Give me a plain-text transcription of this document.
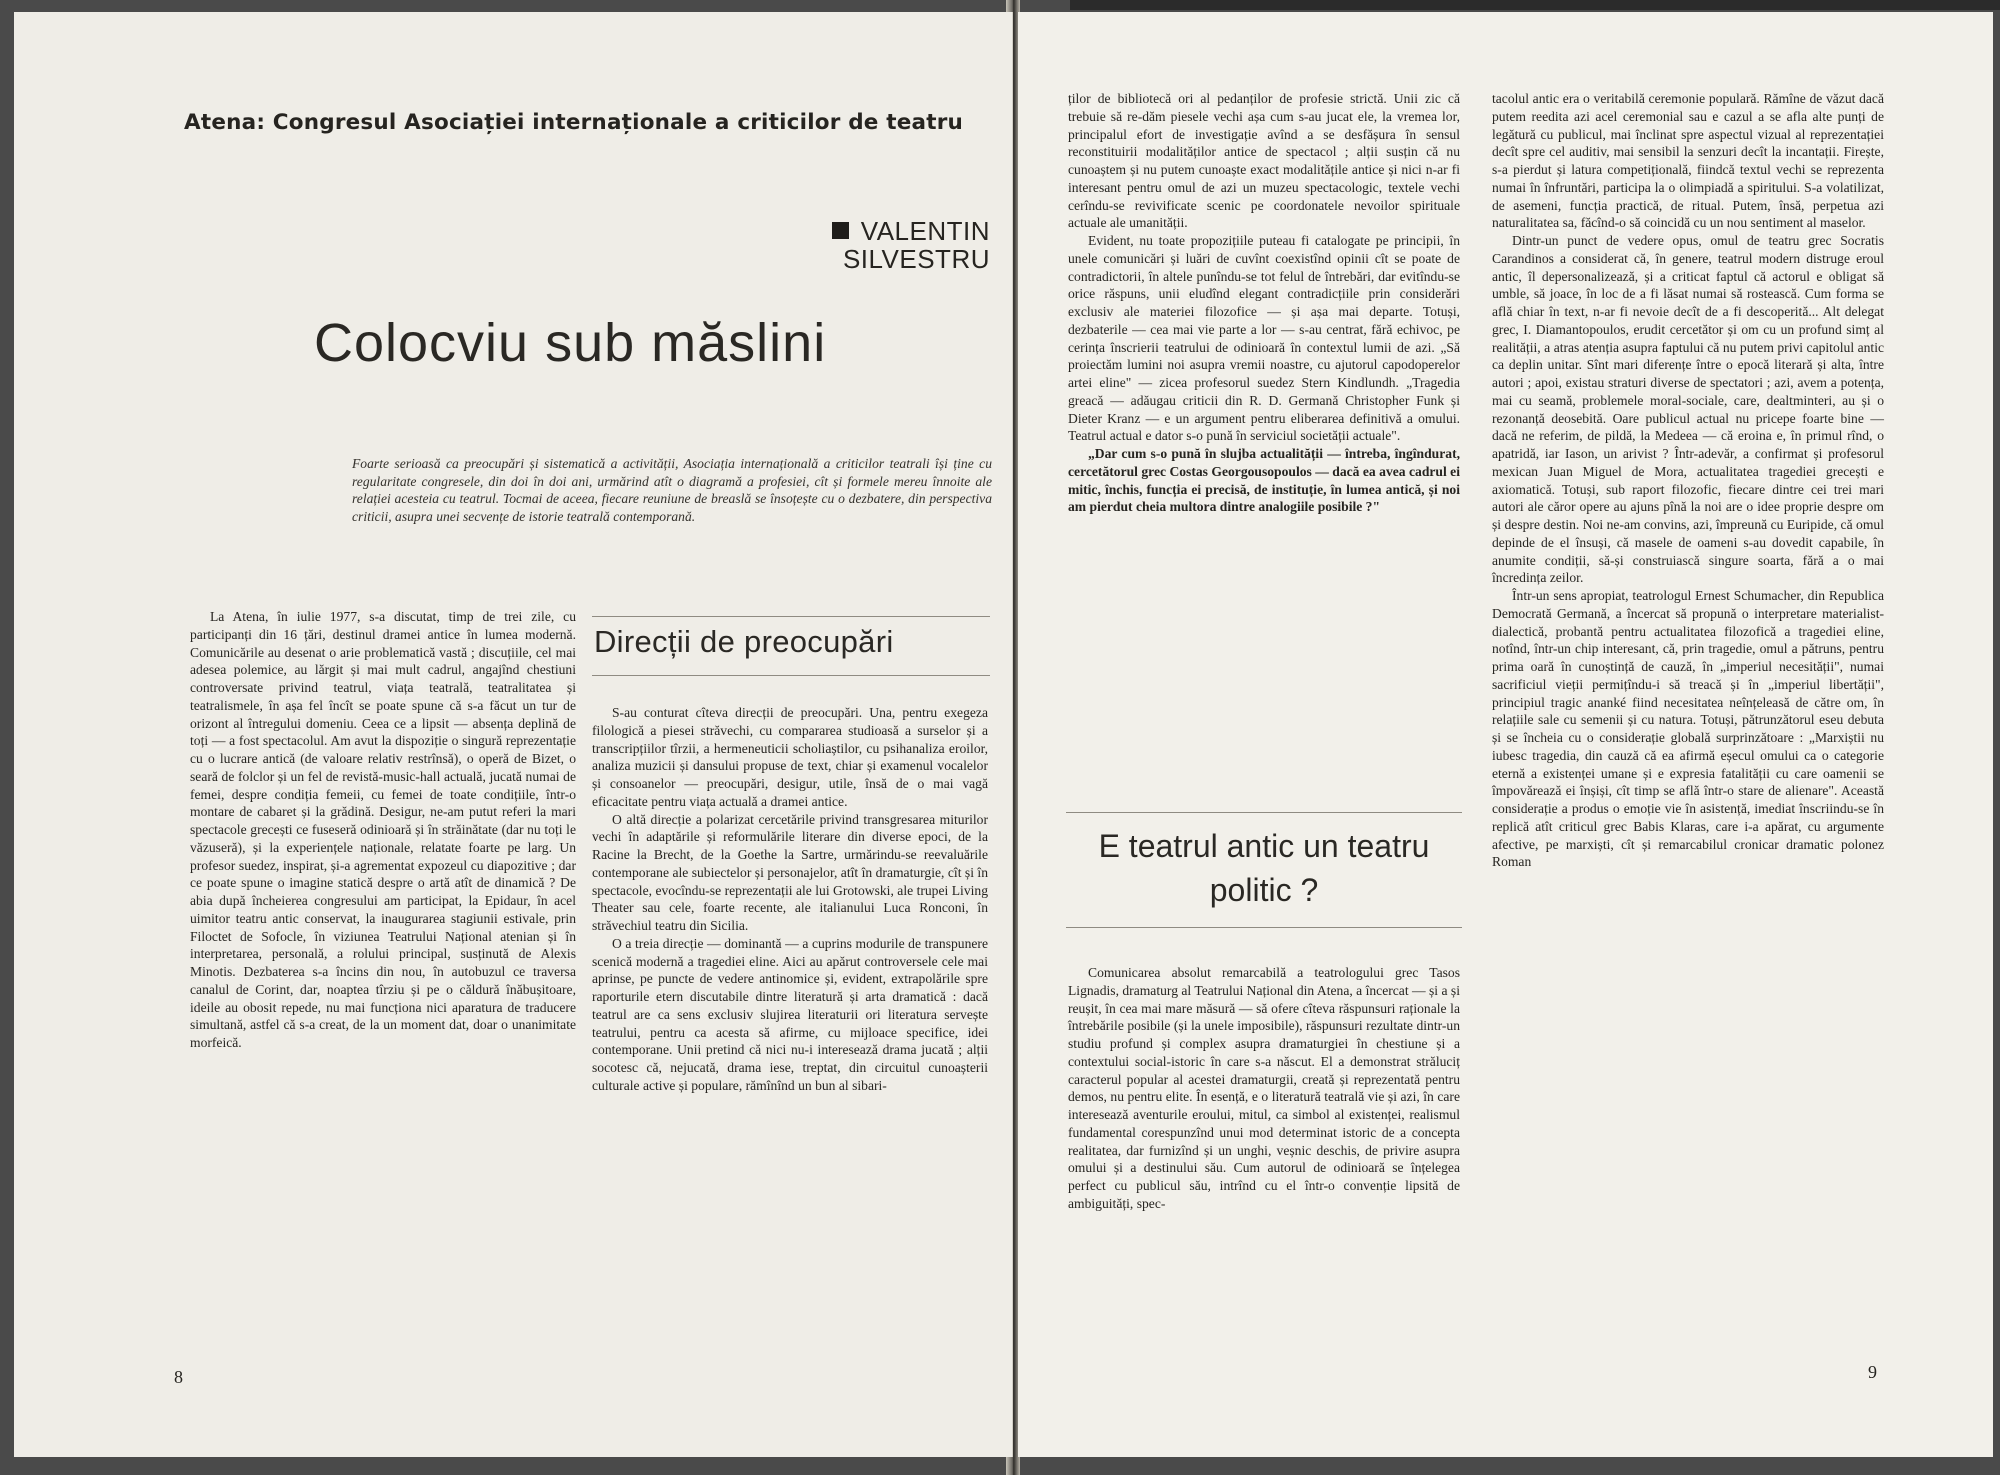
Atena: Congresul Asociației internaționale a criticilor de teatru
VALENTIN
SILVESTRU
Colocviu sub măslini
Foarte serioasă ca preocupări și sistematică a activității, Asociația internațională a criticilor teatrali își ține cu regularitate congresele, din doi în doi ani, urmărind atît o diagramă a profesiei, cît și formele mereu înnoite ale relației acesteia cu teatrul. Tocmai de aceea, fiecare reuniune de breaslă se însoțește cu o dezbatere, din perspectiva criticii, asupra unei secvențe de istorie teatrală contemporană.

La Atena, în iulie 1977, s-a discutat, timp de trei zile, cu participanți din 16 țări, destinul dramei antice în lumea modernă. Comunicările au desenat o arie problematică vastă ; discuțiile, cel mai adesea polemice, au lărgit și mai mult cadrul, angajînd chestiuni controversate privind teatrul, viața teatrală, teatralitatea și teatralismele, în așa fel încît se poate spune că s-a făcut un tur de orizont al întregului domeniu. Ceea ce a lipsit — absența deplină de toți — a fost spectacolul. Am avut la dispoziție o singură reprezentație cu o lucrare antică (de valoare relativ restrînsă), o operă de Bizet, o seară de folclor și un fel de revistă-music-hall actuală, jucată numai de femei, despre condiția femeii, cu femei de toate condițiile, într-o montare de cabaret și la grădină. Desigur, ne-am putut referi la mari spectacole grecești ce fuseseră odinioară și în străinătate (dar nu toți le văzuseră), și la experiențele naționale, relatate foarte pe larg. Un profesor suedez, inspirat, și-a agrementat expozeul cu diapozitive ; dar ce poate spune o imagine statică despre o artă atît de dinamică ? De abia după încheierea congresului am participat, la Epidaur, în acel uimitor teatru antic conservat, la inaugurarea stagiunii estivale, prin Filoctet de Sofocle, în viziunea Teatrului Național atenian și în interpretarea, personală, a rolului principal, susținută de Alexis Minotis. Dezbaterea s-a încins din nou, în autobuzul ce traversa canalul de Corint, dar, noaptea tîrziu și pe o căldură înăbușitoare, ideile au obosit repede, nu mai funcționa nici aparatura de traducere simultană, astfel că s-a creat, de la un moment dat, doar o unanimitate morfeică.

Direcții de preocupări

S-au conturat cîteva direcții de preocupări. Una, pentru exegeza filologică a piesei străvechi, cu compararea studioasă a surselor și a transcripțiilor tîrzii, a hermeneuticii scholiaștilor, cu psihanaliza eroilor, analiza muzicii și dansului propuse de text, chiar și examenul vocalelor și consoanelor — preocupări, desigur, utile, însă de o mai vagă eficacitate pentru viața actuală a dramei antice.

O altă direcție a polarizat cercetările privind transgresarea miturilor vechi în adaptările și reformulările literare din diverse epoci, de la Racine la Brecht, de la Goethe la Sartre, urmărindu-se reevaluările contemporane ale subiectelor și personajelor, atît în dramaturgie, cît și în spectacole, evocîndu-se reprezentații ale lui Grotowski, ale trupei Living Theater sau cele, foarte recente, ale italianului Luca Ronconi, în străvechiul teatru din Sicilia.

O a treia direcție — dominantă — a cuprins modurile de transpunere scenică modernă a tragediei eline. Aici au apărut controversele cele mai aprinse, pe puncte de vedere antinomice și, evident, extrapolările spre raporturile etern discutabile dintre literatură și arta dramatică : dacă teatrul are ca sens exclusiv slujirea literaturii ori literatura servește teatrului, pentru ca acesta să afirme, cu mijloace specifice, idei contemporane. Unii pretind că nici nu-i interesează drama jucată ; alții socotesc că, nejucată, drama iese, treptat, din circuitul cunoașterii culturale active și populare, rămînînd un bun al sibari-

8

ților de bibliotecă ori al pedanților de profesie strictă. Unii zic că trebuie să re-dăm piesele vechi așa cum s-au jucat ele, la vremea lor, principalul efort de investigație avînd a se desfășura în sensul reconstituirii modalităților antice de spectacol ; alții susțin că nu cunoaștem și nu putem cunoaște exact modalitățile antice și nici n-ar fi interesant pentru omul de azi un muzeu spectacologic, textele vechi cerîndu-se revivificate scenic pe coordonatele nevoilor spirituale actuale ale umanității.

Evident, nu toate propozițiile puteau fi catalogate pe principii, în unele comunicări și luări de cuvînt coexistînd opinii cît se poate de contradictorii, în altele punîndu-se tot felul de întrebări, dar evitîndu-se orice răspuns, unii eludînd elegant contradicțiile prin considerări exclusiv ale materiei filozofice — și așa mai departe. Totuși, dezbaterile — cea mai vie parte a lor — s-au centrat, fără echivoc, pe cerința înscrierii teatrului de odinioară în contextul lumii de azi. „Să proiectăm lumini noi asupra vremii noastre, cu ajutorul capodoperelor artei eline" — zicea profesorul suedez Stern Kindlundh. „Tragedia greacă — adăugau criticii din R. D. Germană Christopher Funk și Dieter Kranz — e un argument pentru eliberarea definitivă a omului. Teatrul actual e dator s-o pună în serviciul societății actuale".

„Dar cum s-o pună în slujba actualității — întreba, îngîndurat, cercetătorul grec Costas Georgousopoulos — dacă ea avea cadrul ei mitic, închis, funcția ei precisă, de instituție, în lumea antică, și noi am pierdut cheia multora dintre analogiile posibile ?"

E teatrul antic un teatru politic ?

Comunicarea absolut remarcabilă a teatrologului grec Tasos Lignadis, dramaturg al Teatrului Național din Atena, a încercat — și a și reușit, în cea mai mare măsură — să ofere cîteva răspunsuri raționale la întrebările posibile (și la unele imposibile), răspunsuri rezultate dintr-un studiu profund și complex asupra dramaturgiei în chestiune și a contextului social-istoric în care s-a născut. El a demonstrat străluciț caracterul popular al acestei dramaturgii, creată și reprezentată pentru demos, nu pentru elite. În esență, e o literatură teatrală vie și azi, în care interesează aventurile eroului, mitul, ca simbol al existenței, realismul fundamental corespunzînd unui mod determinat istoric de a concepta realitatea, dar furnizînd și un unghi, veșnic deschis, de privire asupra omului și a destinului său. Cum autorul de odinioară se înțelegea perfect cu publicul său, intrînd cu el într-o convenție lipsită de ambiguități, spec-

tacolul antic era o veritabilă ceremonie populară. Rămîne de văzut dacă putem reedita azi acel ceremonial sau e cazul a se afla alte punți de legătură cu publicul, mai înclinat spre aspectul vizual al reprezentației decît spre cel auditiv, mai sensibil la senzuri decît la incantații. Firește, s-a pierdut și latura competițională, fiindcă textul vechi se reprezenta numai în înfruntări, participa la o olimpiadă a spiritului. S-a volatilizat, de asemeni, funcția practică, de ritual. Putem, însă, perpetua azi naturalitatea sa, făcînd-o să coincidă cu un nou sentiment al maselor.

Dintr-un punct de vedere opus, omul de teatru grec Socratis Carandinos a considerat că, în genere, teatrul modern distruge eroul antic, îl depersonalizează, și a criticat faptul că actorul e obligat să umble, să joace, în loc de a fi lăsat numai să rostească. Cum forma se află chiar în text, n-ar fi nevoie decît de a fi descoperită... Alt delegat grec, I. Diamantopoulos, erudit cercetător și om cu un profund simț al realității, a atras atenția asupra faptului că nu putem privi capitolul antic ca deplin unitar. Sînt mari diferențe între o epocă literară și alta, între autori ; apoi, existau straturi diverse de spectatori ; azi, avem a potența, mai cu seamă, problemele moral-sociale, care, dealtminteri, au și o rezonanță deosebită. Oare publicul actual nu pricepe foarte bine — dacă ne referim, de pildă, la Medeea — că eroina e, în primul rînd, o apatridă, iar Iason, un arivist ? Într-adevăr, a confirmat și profesorul mexican Juan Miguel de Mora, actualitatea tragediei grecești e axiomatică. Totuși, sub raport filozofic, fiecare dintre cei trei mari autori ale căror opere au ajuns pînă la noi are o idee proprie despre om și despre destin. Noi ne-am convins, azi, împreună cu Euripide, că omul depinde de el însuși, că masele de oameni s-au dovedit capabile, în anumite condiții, să-și construiască singure soarta, fără a o mai încredința zeilor.

Într-un sens apropiat, teatrologul Ernest Schumacher, din Republica Democrată Germană, a încercat să propună o interpretare materialist-dialectică, probantă pentru actualitatea filozofică a tragediei eline, notînd, într-un chip interesant, că, prin tragedie, omul a pătruns, pentru prima oară în cunoștință de cauză, în „imperiul necesității", numai sacrificiul vieții permițîndu-i să treacă și în „imperiul libertății", principiul tragic ananké fiind necesitatea neînțeleasă de către om, în relațiile sale cu semenii și cu natura. Totuși, pătrunzătorul eseu debuta și se încheia cu o considerație globală surprinzătoare : „Marxiștii nu iubesc tragedia, din cauză că ea afirmă eșecul omului ca o categorie eternă a existenței umane și e expresia fatalității cu care oamenii se împovărează ei înșiși, cît timp se află într-o stare de alienare". Această considerație a produs o emoție vie în asistență, imediat înscriindu-se în replică atît criticul grec Babis Klaras, care i-a apărat, cu argumente afective, pe marxiști, cît și remarcabilul cronicar dramatic polonez Roman

9
